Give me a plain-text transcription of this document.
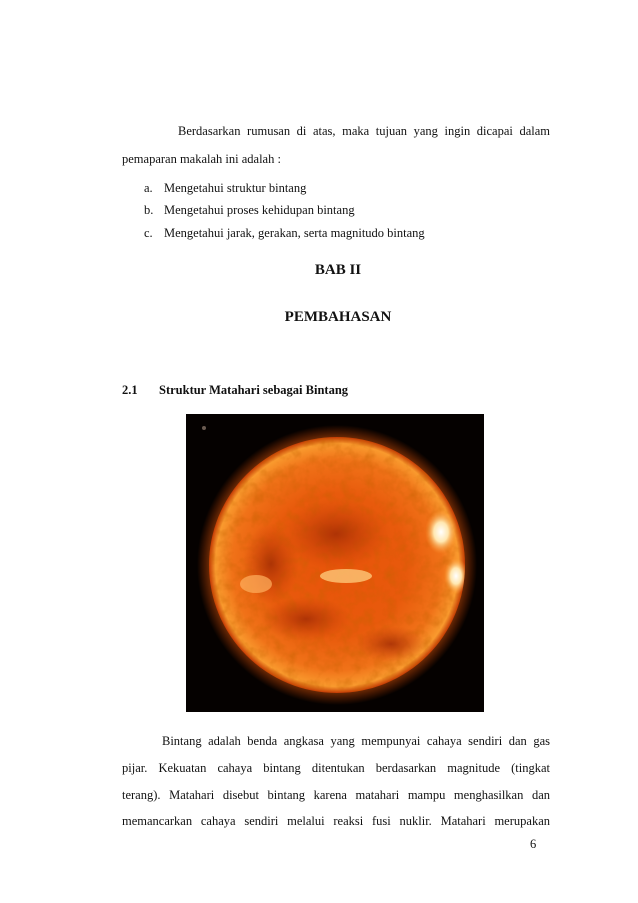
Berdasarkan rumusan di atas, maka tujuan yang ingin dicapai dalam
pemaparan makalah ini adalah :
a. Mengetahui struktur bintang
b. Mengetahui proses kehidupan bintang
c. Mengetahui jarak, gerakan, serta magnitudo bintang
BAB II
PEMBAHASAN
2.1 Struktur Matahari sebagai Bintang
Bintang adalah benda angkasa yang mempunyai cahaya sendiri dan gas
pijar. Kekuatan cahaya bintang ditentukan berdasarkan magnitude (tingkat
terang). Matahari disebut bintang karena matahari mampu menghasilkan dan
memancarkan cahaya sendiri melalui reaksi fusi nuklir. Matahari merupakan
6
